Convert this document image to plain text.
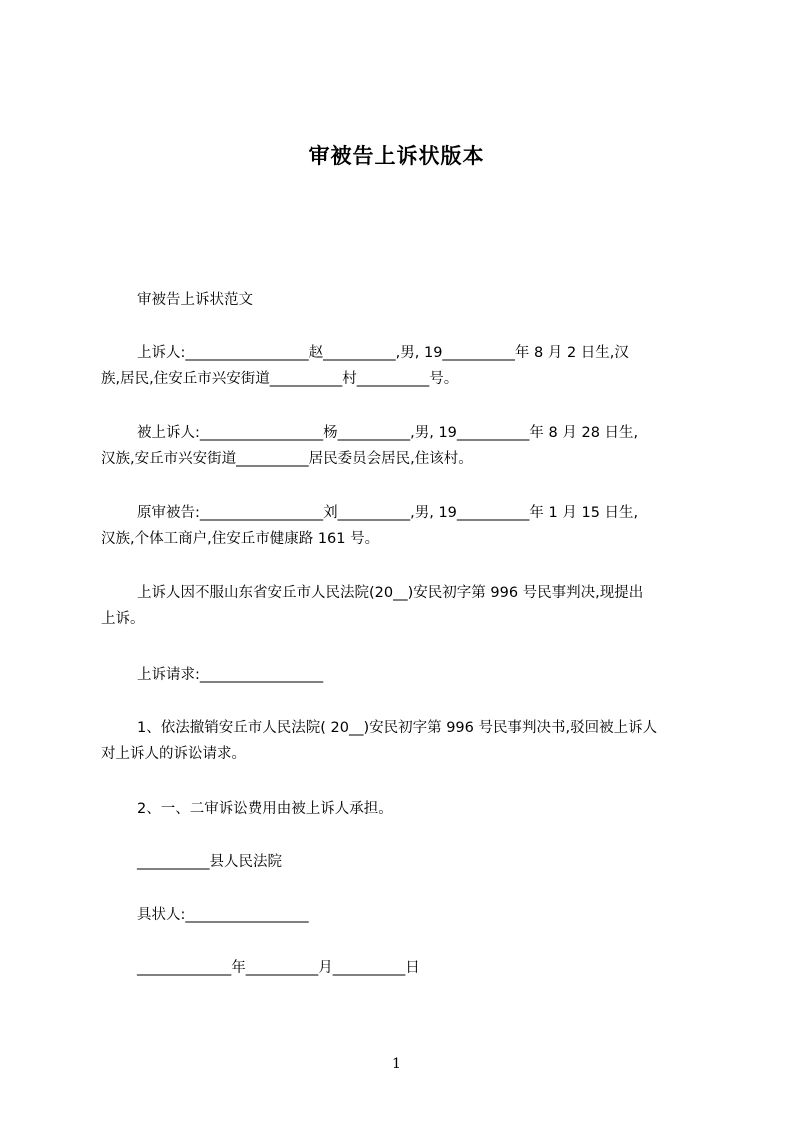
审被告上诉状版本
审被告上诉状范文
上诉人:_________________赵__________,男, 19__________年 8 月 2 日生,汉
族,居民,住安丘市兴安街道__________村__________号。
被上诉人:_________________杨__________,男, 19__________年 8 月 28 日生,
汉族,安丘市兴安街道__________居民委员会居民,住该村。
原审被告:_________________刘__________,男, 19__________年 1 月 15 日生,
汉族,个体工商户,住安丘市健康路 161 号。
上诉人因不服山东省安丘市人民法院(20__)安民初字第 996 号民事判决,现提出
上诉。
上诉请求:_________________
1、依法撤销安丘市人民法院( 20__)安民初字第 996 号民事判决书,驳回被上诉人
对上诉人的诉讼请求。
2、一、二审诉讼费用由被上诉人承担。
__________县人民法院
具状人:_________________
_____________年__________月__________日
1
